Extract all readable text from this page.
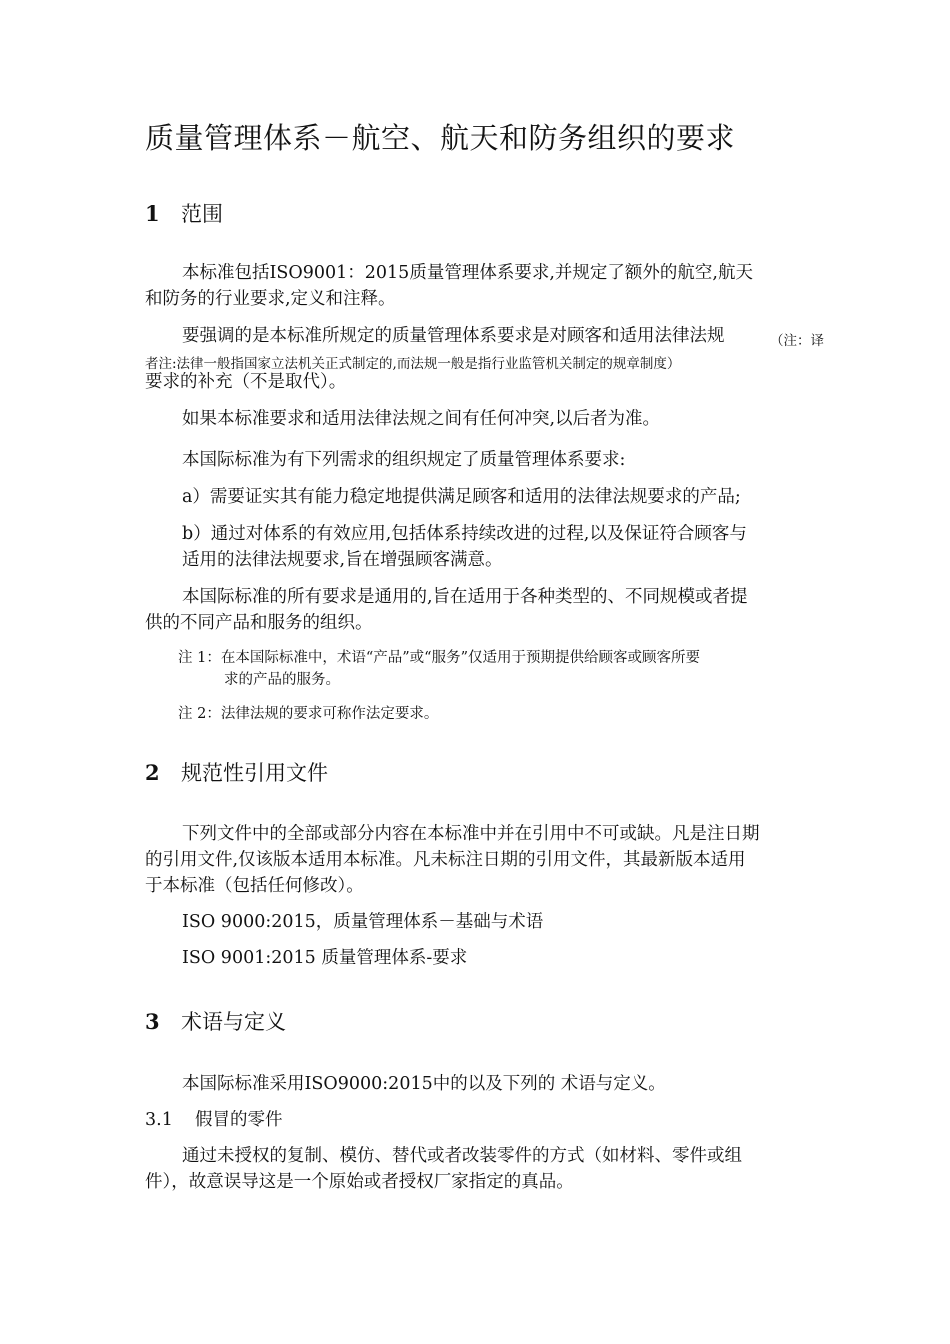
质量管理体系－航空、航天和防务组织的要求
1 范围

本标准包括ISO9001：2015质量管理体系要求,并规定了额外的航空,航天

和防务的行业要求,定义和注释。

要强调的是本标准所规定的质量管理体系要求是对顾客和适用法律法规	（注：译

者注:法律一般指国家立法机关正式制定的,而法规一般是指行业监管机关制定的规章制度）

要求的补充（不是取代）。

如果本标准要求和适用法律法规之间有任何冲突,以后者为准。

本国际标准为有下列需求的组织规定了质量管理体系要求:

a）需要证实其有能力稳定地提供满足顾客和适用的法律法规要求的产品;

b）通过对体系的有效应用,包括体系持续改进的过程,以及保证符合顾客与

适用的法律法规要求,旨在增强顾客满意。

本国际标准的所有要求是通用的,旨在适用于各种类型的、不同规模或者提

供的不同产品和服务的组织。

注 1：在本国际标准中，术语“产品”或“服务”仅适用于预期提供给顾客或顾客所要

求的产品的服务。

注 2：法律法规的要求可称作法定要求。

2 规范性引用文件

下列文件中的全部或部分内容在本标准中并在引用中不可或缺。凡是注日期

的引用文件,仅该版本适用本标准。凡未标注日期的引用文件，其最新版本适用

于本标准（包括任何修改）。

ISO 9000:2015，质量管理体系－基础与术语

ISO 9001:2015 质量管理体系-要求

3 术语与定义

本国际标准采用ISO9000:2015中的以及下列的 术语与定义。

3.1 假冒的零件

通过未授权的复制、模仿、替代或者改装零件的方式（如材料、零件或组

件），故意误导这是一个原始或者授权厂家指定的真品。
